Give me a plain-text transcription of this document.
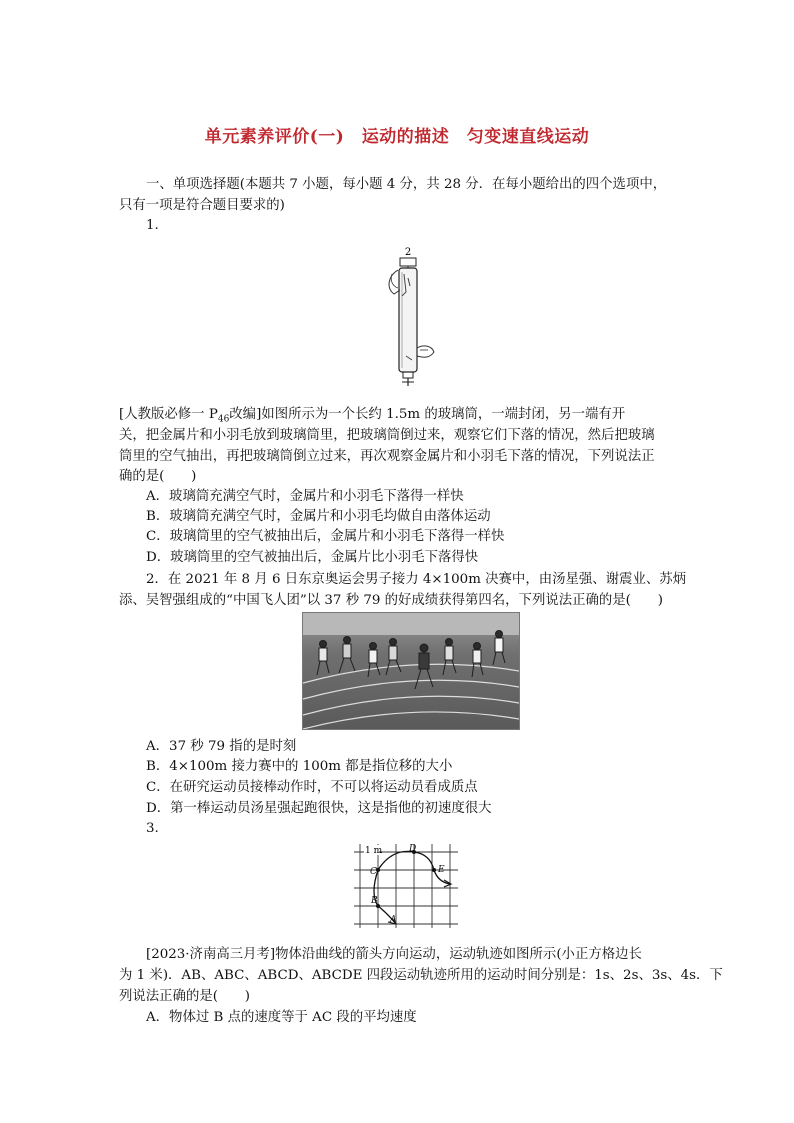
单元素养评价(一)　运动的描述　匀变速直线运动
一、单项选择题(本题共 7 小题，每小题 4 分，共 28 分．在每小题给出的四个选项中，
只有一项是符合题目要求的)
1.
2
[人教版必修一 $P_{46}$改编]如图所示为一个长约 1.5m 的玻璃筒，一端封闭，另一端有开
关，把金属片和小羽毛放到玻璃筒里，把玻璃筒倒过来，观察它们下落的情况，然后把玻璃
筒里的空气抽出，再把玻璃筒倒立过来，再次观察金属片和小羽毛下落的情况，下列说法正
确的是(　　)
A．玻璃筒充满空气时，金属片和小羽毛下落得一样快
B．玻璃筒充满空气时，金属片和小羽毛均做自由落体运动
C．玻璃筒里的空气被抽出后，金属片和小羽毛下落得一样快
D．玻璃筒里的空气被抽出后，金属片比小羽毛下落得快
2．在 2021 年 8 月 6 日东京奥运会男子接力 4×100m 决赛中，由汤星强、谢震业、苏炳
添、吴智强组成的“中国飞人团”以 37 秒 79 的好成绩获得第四名，下列说法正确的是(　　)
A．37 秒 79 指的是时刻
B．4×100m 接力赛中的 100m 都是指位移的大小
C．在研究运动员接棒动作时，不可以将运动员看成质点
D．第一棒运动员汤星强起跑很快，这是指他的初速度很大
3.
1 m
A
B
C
D
E
[2023·济南高三月考]物体沿曲线的箭头方向运动，运动轨迹如图所示(小正方格边长
为 1 米)．AB、ABC、ABCD、ABCDE 四段运动轨迹所用的运动时间分别是：1s、2s、3s、4s．下
列说法正确的是(　　)
A．物体过 B 点的速度等于 AC 段的平均速度
